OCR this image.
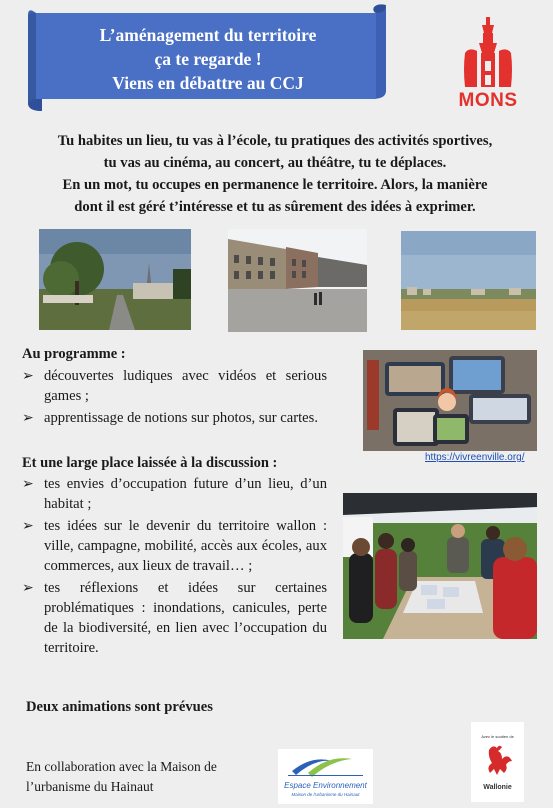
L’aménagement du territoire
ça te regarde !
Viens en débattre au CCJ
MONS
Tu habites un lieu, tu vas à l’école, tu pratiques des activités sportives,
tu vas au cinéma, au concert, au théâtre, tu te déplaces.
En un mot, tu occupes en permanence le territoire. Alors, la manière
dont il est géré t’intéresse et tu as sûrement des idées à exprimer.
Au programme :
➢ découvertes ludiques avec vidéos et serious games ;
➢ apprentissage de notions sur photos, sur cartes.
https://vivreenville.org/
Et une large place laissée à la discussion :
➢ tes envies d’occupation future d’un lieu, d’un habitat ;
➢ tes idées sur le devenir du territoire wallon : ville, campagne, mobilité, accès aux écoles, aux commerces, aux lieux de travail… ;
➢ tes réflexions et idées sur certaines problématiques : inondations, canicules, perte de la biodiversité, en lien avec l’occupation du territoire.
Deux animations sont prévues
En collaboration avec la Maison de
l’urbanisme du Hainaut	Espace Environnement
Maison de l'urbanisme du Hainaut
Avec le soutien de
Wallonie
